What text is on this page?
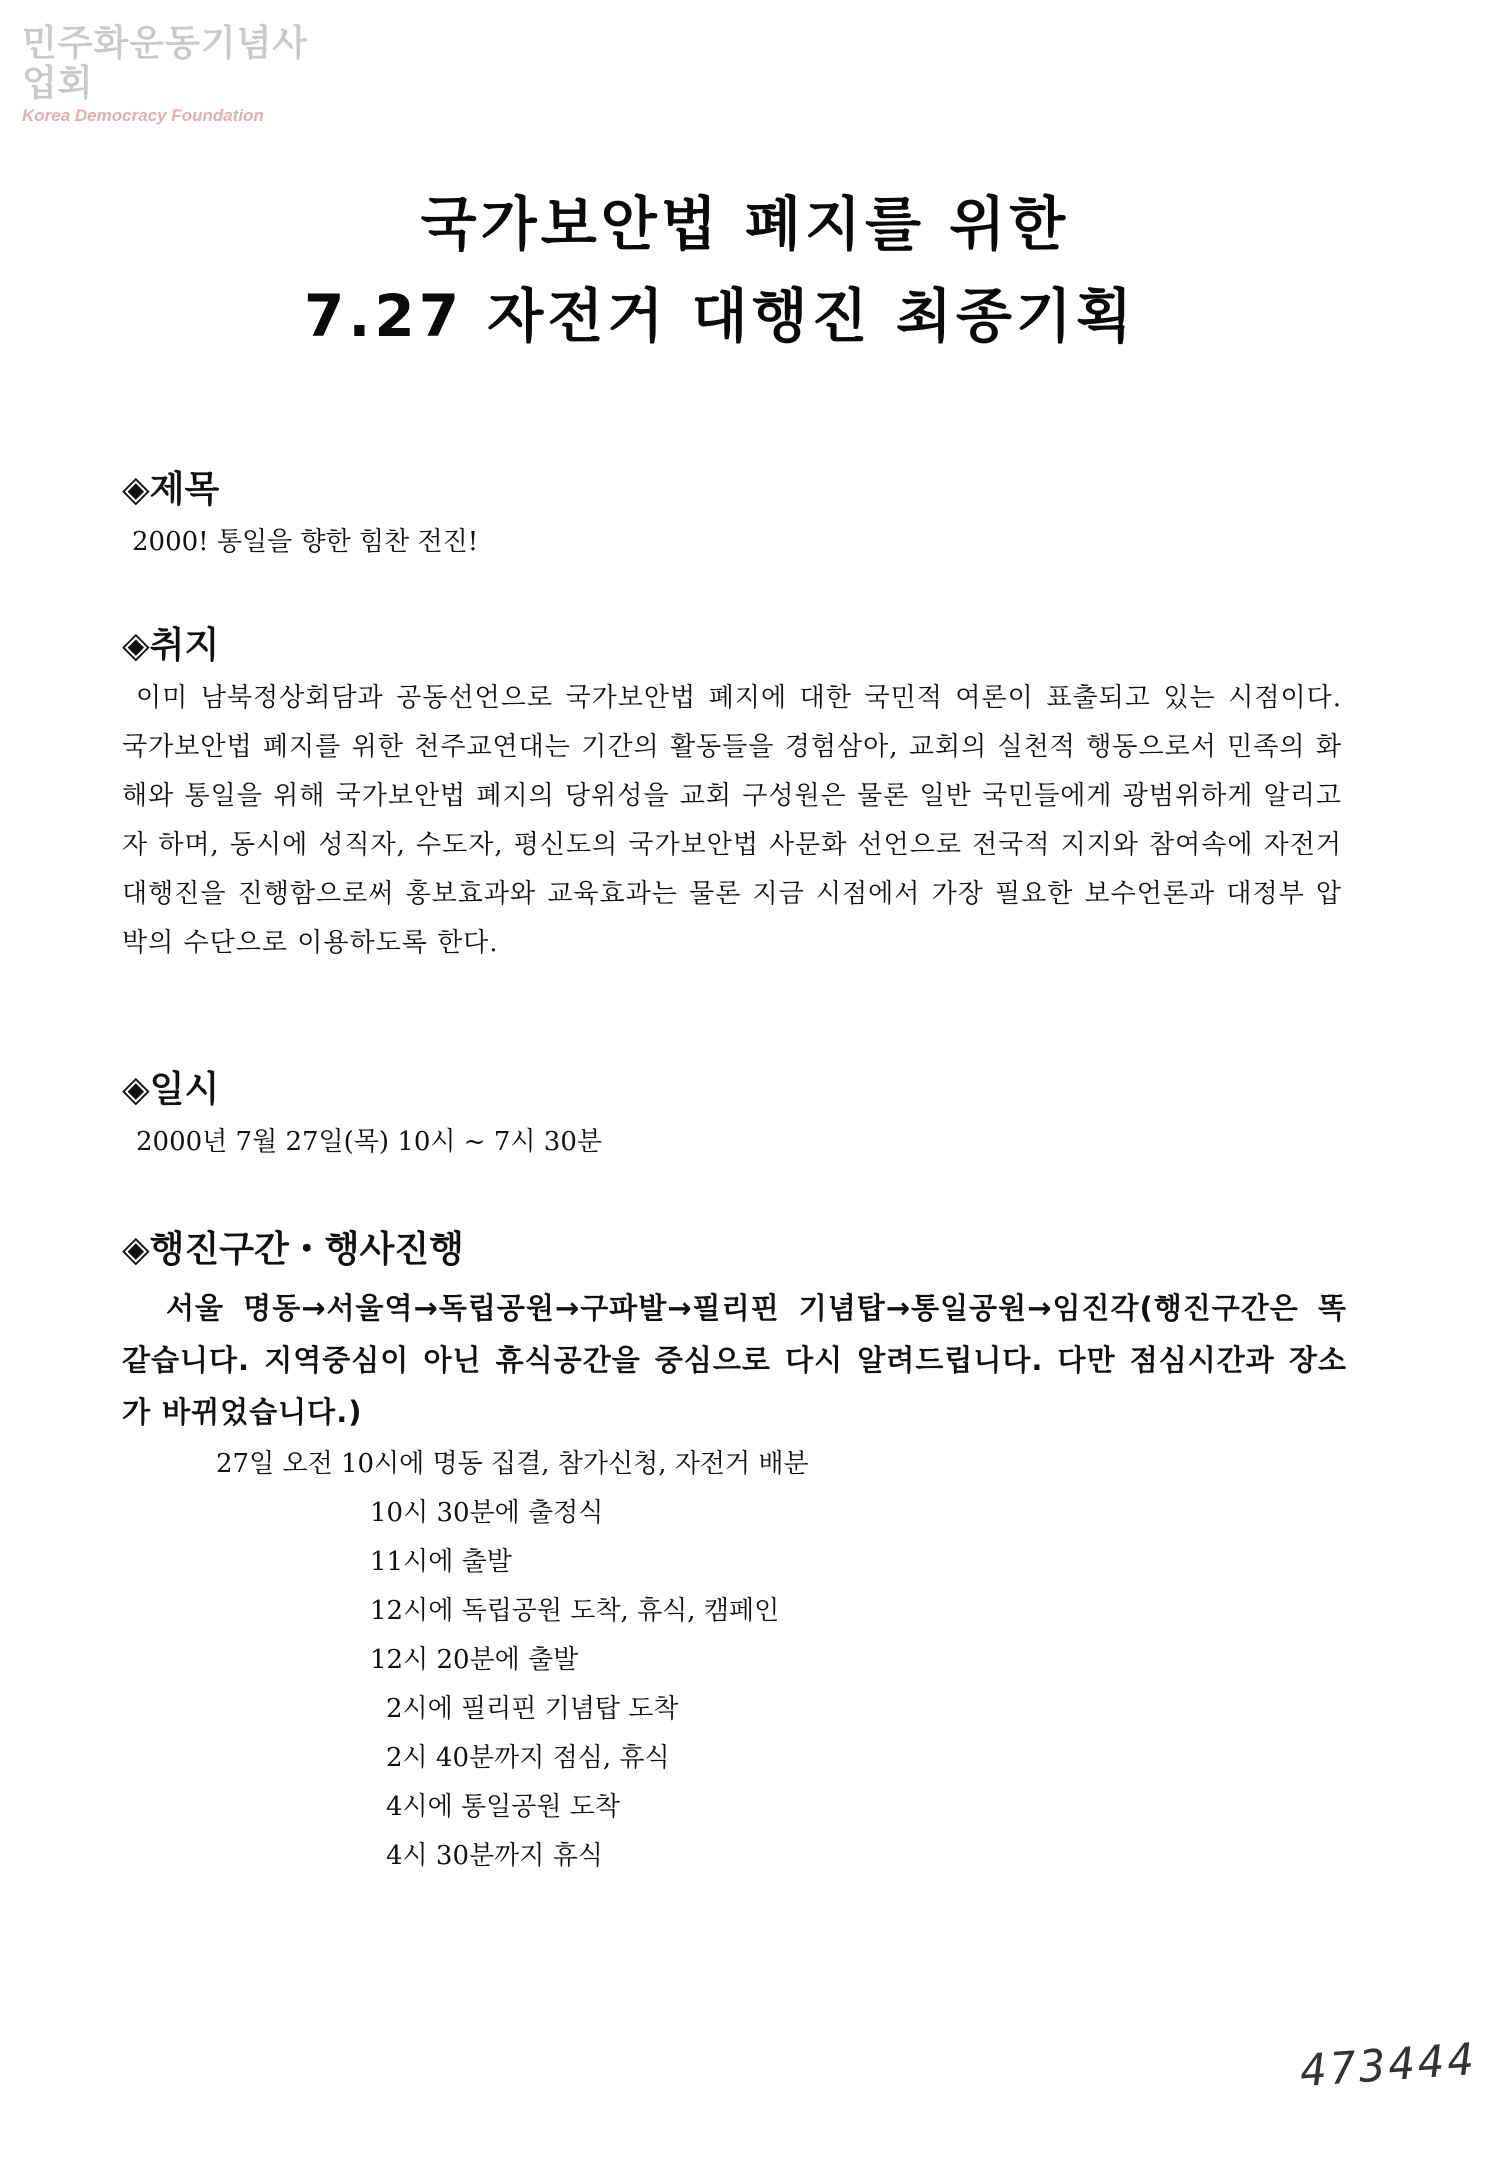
민주화운동기념사업회
Korea Democracy Foundation
국가보안법 폐지를 위한
7.27 자전거 대행진 최종기획
◈제목

2000! 통일을 향한 힘찬 전진!

◈취지

이미 남북정상회담과 공동선언으로 국가보안법 폐지에 대한 국민적 여론이 표출되고 있는 시점이다. 국가보안법 폐지를 위한 천주교연대는 기간의 활동들을 경험삼아, 교회의 실천적 행동으로서 민족의 화해와 통일을 위해 국가보안법 폐지의 당위성을 교회 구성원은 물론 일반 국민들에게 광범위하게 알리고자 하며, 동시에 성직자, 수도자, 평신도의 국가보안법 사문화 선언으로 전국적 지지와 참여속에 자전거 대행진을 진행함으로써 홍보효과와 교육효과는 물론 지금 시점에서 가장 필요한 보수언론과 대정부 압박의 수단으로 이용하도록 한다.

◈일시

2000년 7월 27일(목) 10시 ~ 7시 30분

◈행진구간・행사진행

서울 명동→서울역→독립공원→구파발→필리핀 기념탑→통일공원→임진각(행진구간은 똑같습니다. 지역중심이 아닌 휴식공간을 중심으로 다시 알려드립니다. 다만 점심시간과 장소가 바뀌었습니다.)

27일 오전 10시에 명동 집결, 참가신청, 자전거 배분
10시 30분에 출정식
11시에 출발
12시에 독립공원 도착, 휴식, 캠페인
12시 20분에 출발
2시에 필리핀 기념탑 도착
2시 40분까지 점심, 휴식
4시에 통일공원 도착
4시 30분까지 휴식
473444
